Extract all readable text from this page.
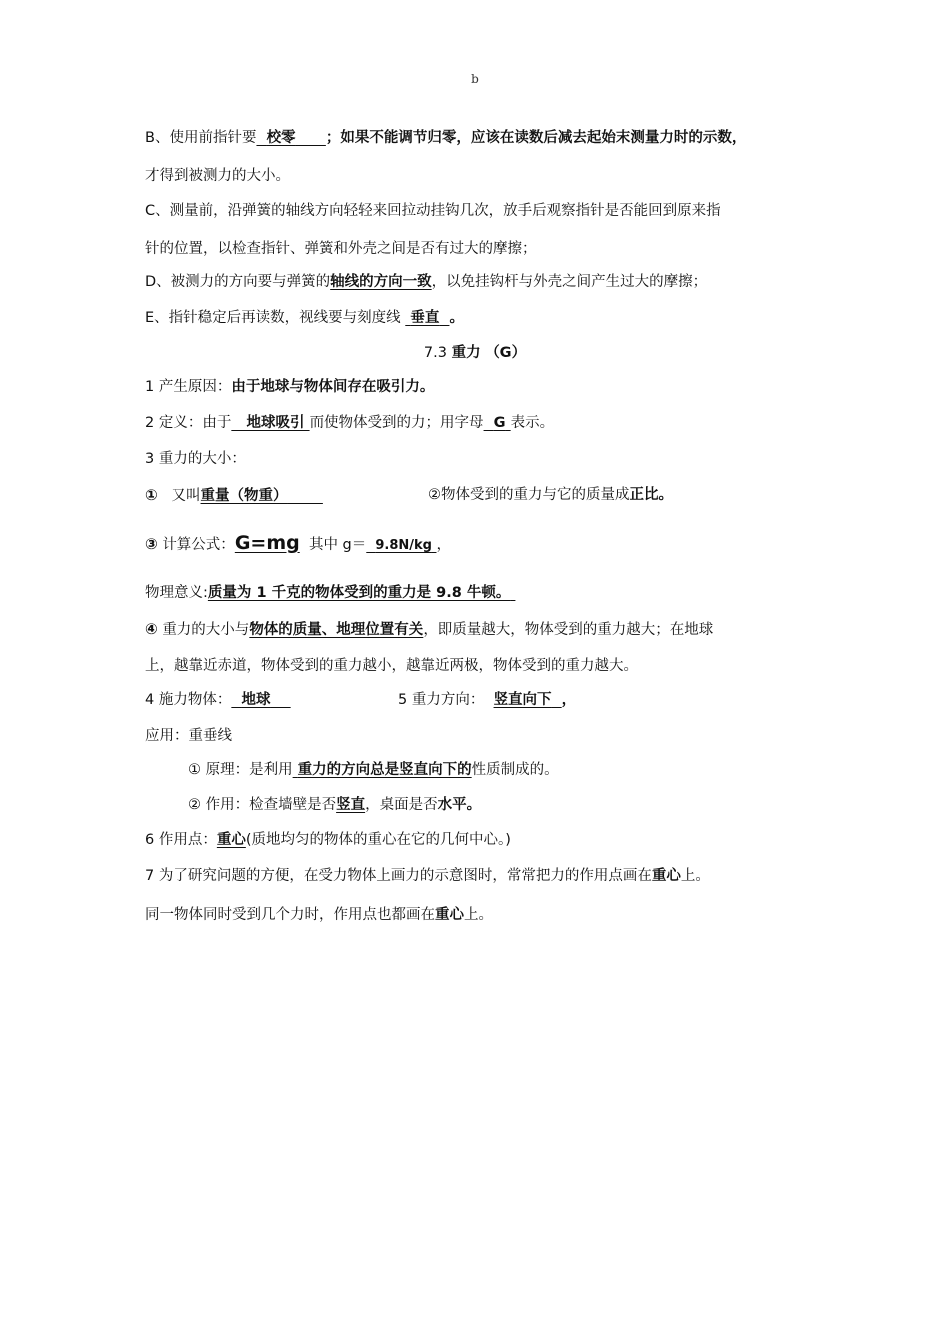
b
B、使用前指针要 校零 ；如果不能调节归零，应该在读数后减去起始末测量力时的示数，
才得到被测力的大小。
C、测量前，沿弹簧的轴线方向轻轻来回拉动挂钩几次，放手后观察指针是否能回到原来指
针的位置，以检查指针、弹簧和外壳之间是否有过大的摩擦；
D、被测力的方向要与弹簧的轴线的方向一致，以免挂钩杆与外壳之间产生过大的摩擦；
E、指针稳定后再读数，视线要与刻度线 垂直 。
7.3 重力 （G）
1 产生原因：由于地球与物体间存在吸引力。
2 定义：由于 地球吸引 而使物体受到的力；用字母 G 表示。
3 重力的大小：
① 又叫重量（物重）	②物体受到的重力与它的质量成正比。
③ 计算公式：G=mg 其中 g＝ 9.8N/kg ，
物理意义:质量为 1 千克的物体受到的重力是 9.8 牛顿。
④ 重力的大小与物体的质量、地理位置有关，即质量越大，物体受到的重力越大；在地球
上，越靠近赤道，物体受到的重力越小，越靠近两极，物体受到的重力越大。
4 施力物体： 地球	5 重力方向： 竖直向下 ，
应用：重垂线
① 原理：是利用 重力的方向总是竖直向下的性质制成的。
② 作用：检查墙壁是否竖直，桌面是否水平。
6 作用点：重心(质地均匀的物体的重心在它的几何中心。)
7 为了研究问题的方便，在受力物体上画力的示意图时，常常把力的作用点画在重心上。
同一物体同时受到几个力时，作用点也都画在重心上。
